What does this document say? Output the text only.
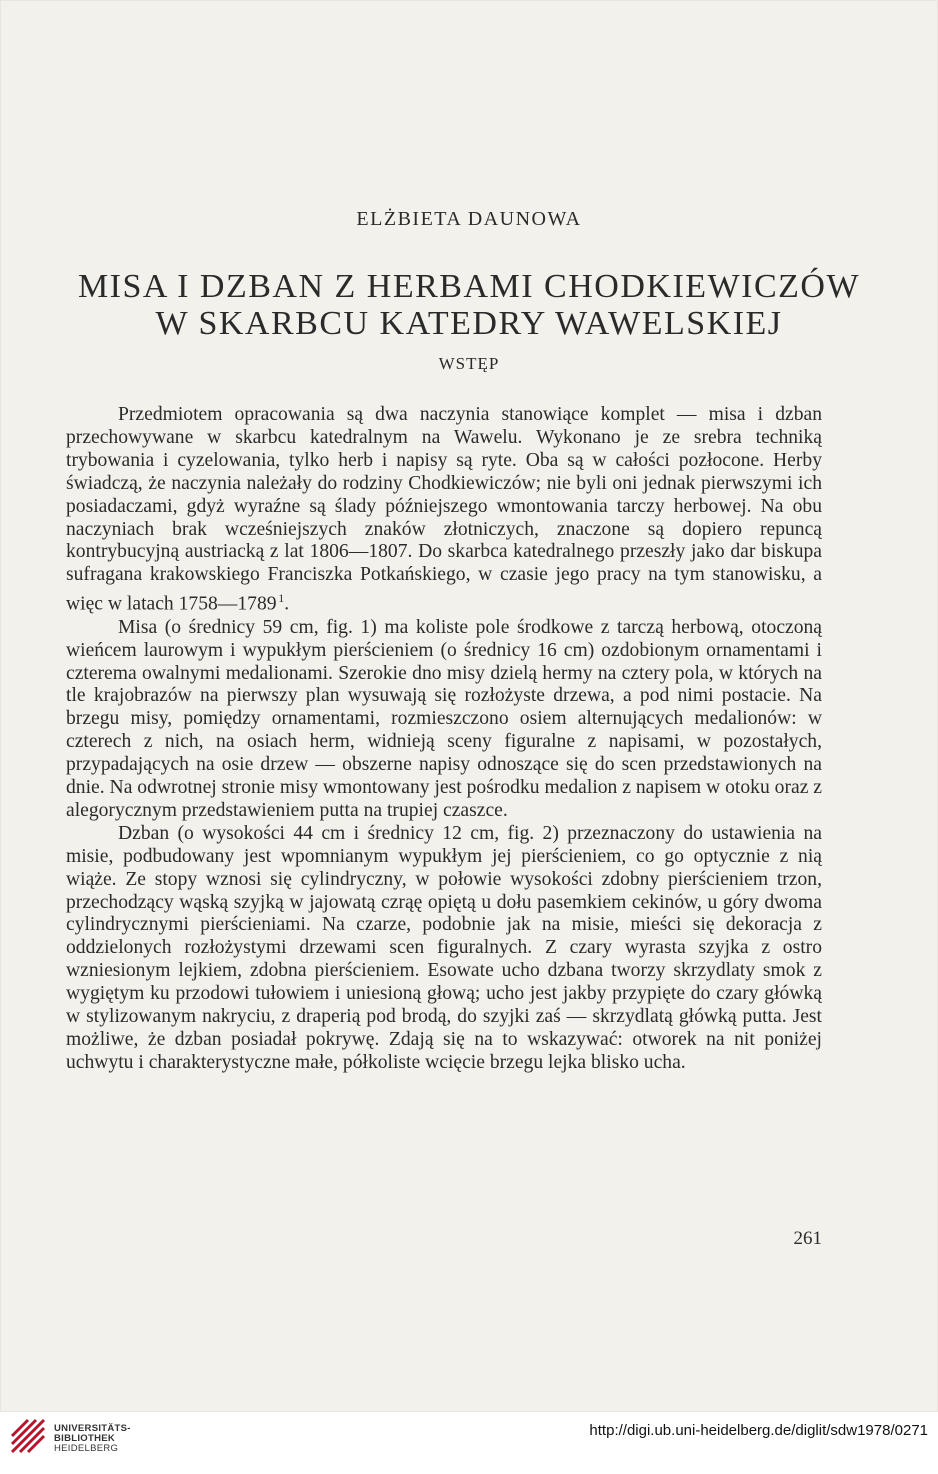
ELŻBIETA DAUNOWA
MISA I DZBAN Z HERBAMI CHODKIEWICZÓW
W SKARBCU KATEDRY WAWELSKIEJ
WSTĘP

Przedmiotem opracowania są dwa naczynia stanowiące komplet — misa i dzban przechowywane w skarbcu katedralnym na Wawelu. Wykonano je ze srebra techniką trybowania i cyzelowania, tylko herb i napisy są ryte. Oba są w całości pozłocone. Herby świadczą, że naczynia należały do rodziny Chodkiewiczów; nie byli oni jednak pierwszymi ich posiadaczami, gdyż wyraźne są ślady późniejszego wmontowania tarczy herbowej. Na obu naczyniach brak wcześniejszych znaków złotniczych, znaczone są dopiero repuncą kontrybucyjną austriacką z lat 1806—1807. Do skarbca katedralnego przeszły jako dar biskupa sufragana krakowskiego Franciszka Potkańskiego, w czasie jego pracy na tym stanowisku, a więc w latach 1758—1789  $^1$.

Misa (o średnicy 59 cm, fig. 1) ma koliste pole środkowe z tarczą herbową, otoczoną wieńcem laurowym i wypukłym pierścieniem (o średnicy 16 cm) ozdobionym ornamentami i czterema owalnymi medalionami. Szerokie dno misy dzielą hermy na cztery pola, w których na tle krajobrazów na pierwszy plan wysuwają się rozłożyste drzewa, a pod nimi postacie. Na brzegu misy, pomiędzy ornamentami, rozmieszczono osiem alternujących medalionów: w czterech z nich, na osiach herm, widnieją sceny figuralne z napisami, w pozostałych, przypadających na osie drzew — obszerne napisy odnoszące się do scen przedstawionych na dnie. Na odwrotnej stronie misy wmontowany jest pośrodku medalion z napisem w otoku oraz z alegorycznym przedstawieniem putta na trupiej czaszce.

Dzban (o wysokości 44 cm i średnicy 12 cm, fig. 2) przeznaczony do ustawienia na misie, podbudowany jest wpomnianym wypukłym jej pierścieniem, co go optycznie z nią wiąże. Ze stopy wznosi się cylindryczny, w połowie wysokości zdobny pierścieniem trzon, przechodzący wąską szyjką w jajowatą czrąę opiętą u dołu pasemkiem cekinów, u góry dwoma cylindrycznymi pierścieniami. Na czarze, podobnie jak na misie, mieści się dekoracja z oddzielonych rozłożystymi drzewami scen figuralnych. Z czary wyrasta szyjka z ostro wzniesionym lejkiem, zdobna pierścieniem. Esowate ucho dzbana tworzy skrzydlaty smok z wygiętym ku przodowi tułowiem i uniesioną głową; ucho jest jakby przypięte do czary główką w stylizowanym nakryciu, z draperią pod brodą, do szyjki zaś — skrzydlatą główką putta. Jest możliwe, że dzban posiadał pokrywę. Zdają się na to wskazywać: otworek na nit poniżej uchwytu i charakterystyczne małe, półkoliste wcięcie brzegu lejka blisko ucha.

261
UNIVERSITÄTS-
BIBLIOTHEK
HEIDELBERG
http://digi.ub.uni-heidelberg.de/diglit/sdw1978/0271
